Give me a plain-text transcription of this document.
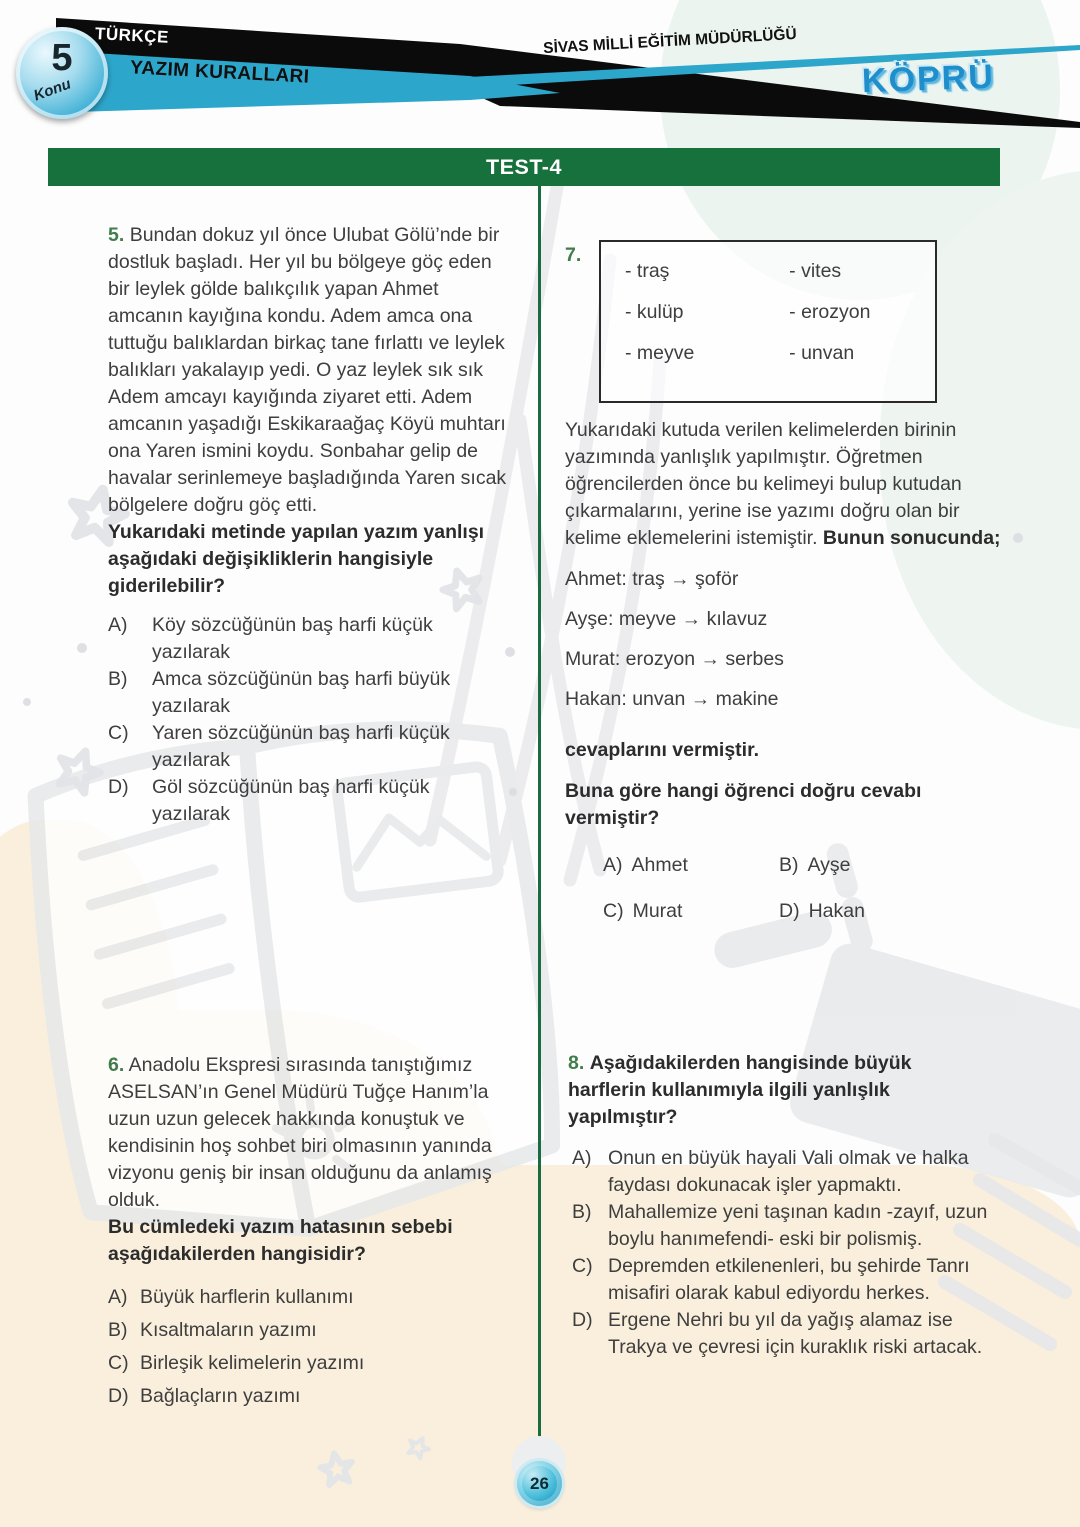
TÜRKÇE
YAZIM KURALLARI
5
Konu
SİVAS MİLLİ EĞİTİM MÜDÜRLÜĞÜ
KÖPRÜ
TEST-4

5. Bundan dokuz yıl önce Ulubat Gölü’nde bir dostluk başladı. Her yıl bu bölgeye göç eden bir leylek gölde balıkçılık yapan Ahmet amcanın kayığına kondu. Adem amca ona tuttuğu balıklardan birkaç tane fırlattı ve leylek balıkları yakalayıp yedi. O yaz leylek sık sık Adem amcayı kayığında ziyaret etti. Adem amcanın yaşadığı Eskikaraağaç Köyü muhtarı ona Yaren ismini koydu. Sonbahar gelip de havalar serinlemeye başladığında Yaren sıcak bölgelere doğru göç etti.

Yukarıdaki metinde yapılan yazım yanlışı aşağıdaki değişikliklerin hangisiyle giderilebilir?

A)	Köy sözcüğünün baş harfi küçük yazılarak
B)	Amca sözcüğünün baş harfi büyük yazılarak
C)	Yaren sözcüğünün baş harfi küçük yazılarak
D)	Göl sözcüğünün baş harfi küçük yazılarak
7.
- traş	- vites
- kulüp	- erozyon
- meyve	- unvan

Yukarıdaki kutuda verilen kelimelerden birinin yazımında yanlışlık yapılmıştır. Öğretmen öğrencilerden önce bu kelimeyi bulup kutudan çıkarmalarını, yerine ise yazımı doğru olan bir kelime eklemelerini istemiştir. Bunun sonucunda;

Ahmet: traş → şoför
Ayşe: meyve → kılavuz
Murat: erozyon → serbes
Hakan: unvan → makine
cevaplarını vermiştir.
Buna göre hangi öğrenci doğru cevabı vermiştir?
A) Ahmet	B) Ayşe
C) Murat	D) Hakan

6. Anadolu Ekspresi sırasında tanıştığımız ASELSAN’ın Genel Müdürü Tuğçe Hanım’la uzun uzun gelecek hakkında konuştuk ve kendisinin hoş sohbet biri olmasının yanında vizyonu geniş bir insan olduğunu da anlamış olduk.

Bu cümledeki yazım hatasının sebebi aşağıdakilerden hangisidir?

A) Büyük harflerin kullanımı
B) Kısaltmaların yazımı
C) Birleşik kelimelerin yazımı
D) Bağlaçların yazımı

8. Aşağıdakilerden hangisinde büyük harflerin kullanımıyla ilgili yanlışlık yapılmıştır?

A) Onun en büyük hayali Vali olmak ve halka faydası dokunacak işler yapmaktı.
B) Mahallemize yeni taşınan kadın -zayıf, uzun boylu hanımefendi- eski bir polismiş.
C) Depremden etkilenenleri, bu şehirde Tanrı misafiri olarak kabul ediyordu herkes.
D) Ergene Nehri bu yıl da yağış alamaz ise Trakya ve çevresi için kuraklık riski artacak.
26
